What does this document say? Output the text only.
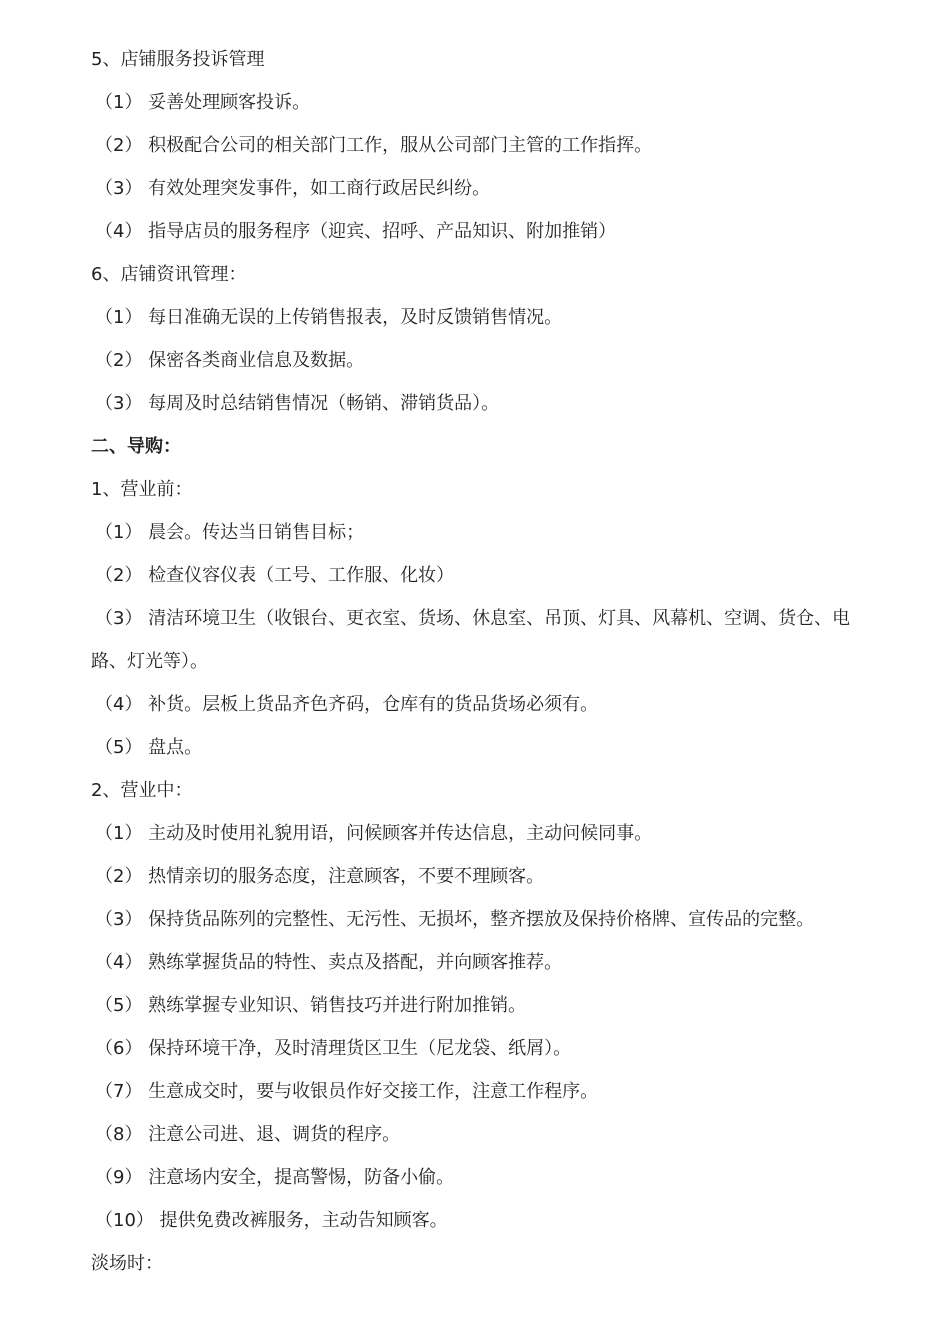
5、店铺服务投诉管理
（1） 妥善处理顾客投诉。
（2） 积极配合公司的相关部门工作，服从公司部门主管的工作指挥。
（3） 有效处理突发事件，如工商行政居民纠纷。
（4） 指导店员的服务程序（迎宾、招呼、产品知识、附加推销）
6、店铺资讯管理：
（1） 每日准确无误的上传销售报表，及时反馈销售情况。
（2） 保密各类商业信息及数据。
（3） 每周及时总结销售情况（畅销、滞销货品）。
二、导购：
1、营业前：
（1） 晨会。传达当日销售目标；
（2） 检查仪容仪表（工号、工作服、化妆）
（3） 清洁环境卫生（收银台、更衣室、货场、休息室、吊顶、灯具、风幕机、空调、货仓、电
路、灯光等）。
（4） 补货。层板上货品齐色齐码，仓库有的货品货场必须有。
（5） 盘点。
2、营业中：
（1） 主动及时使用礼貌用语，问候顾客并传达信息，主动问候同事。
（2） 热情亲切的服务态度，注意顾客，不要不理顾客。
（3） 保持货品陈列的完整性、无污性、无损坏，整齐摆放及保持价格牌、宣传品的完整。
（4） 熟练掌握货品的特性、卖点及搭配，并向顾客推荐。
（5） 熟练掌握专业知识、销售技巧并进行附加推销。
（6） 保持环境干净，及时清理货区卫生（尼龙袋、纸屑）。
（7） 生意成交时，要与收银员作好交接工作，注意工作程序。
（8） 注意公司进、退、调货的程序。
（9） 注意场内安全，提高警惕，防备小偷。
（10） 提供免费改裤服务，主动告知顾客。
淡场时：
